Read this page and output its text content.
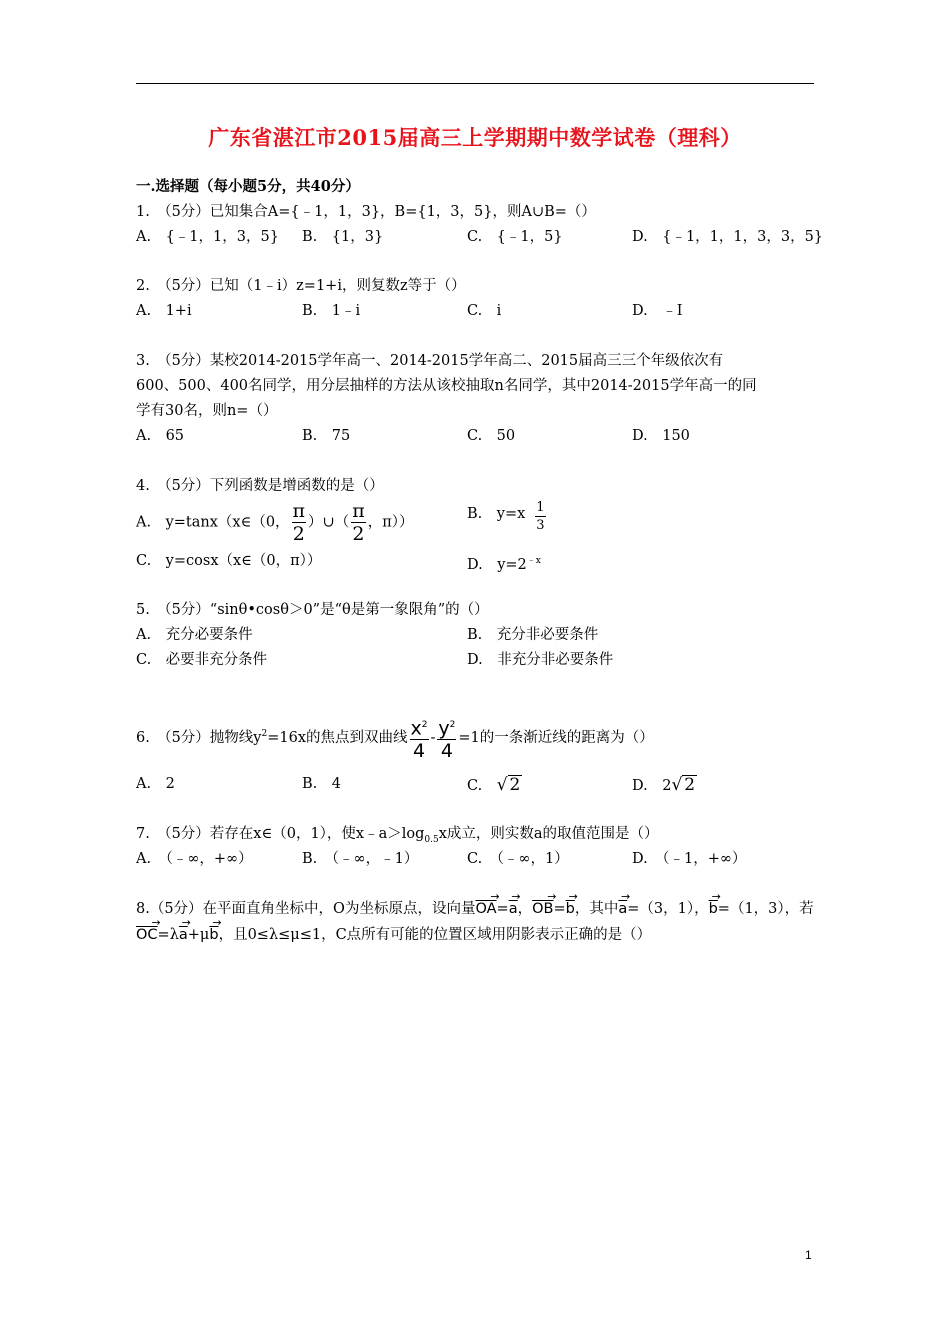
广东省湛江市2015届高三上学期期中数学试卷（理科）
一.选择题（每小题5分，共40分）
1.　（5分）已知集合A={﹣1，1，3}，B={1，3，5}，则A∪B=（）
A.　{﹣1，1，3，5} B.　{1，3}	C.　{﹣1，5}	D.　{﹣1，1，1，3，3，5}
2.　（5分）已知（1﹣i）z=1+i，则复数z等于（）
A.　1+i	B.　1﹣i	C.　i	D.　﹣I
3.　（5分）某校2014-2015学年高一、2014-2015学年高二、2015届高三三个年级依次有
600、500、400名同学，用分层抽样的方法从该校抽取n名同学，其中2014-2015学年高一的同
学有30名，则n=（）
A.　65	B.　75	C.　50	D.　150
4.　（5分）下列函数是增函数的是（）
A.　y=tanx（x∈（0， $\frac{\pi}{2}$ ）∪（ $\frac{\pi}{2}$ ，π））
B.　$y=x \frac{1}{3}$
C.　y=cosx（x∈（0，π））	D.　$y=2^{﹣x}$
5.　（5分）“sinθ•cosθ＞0”是“θ是第一象限角”的（）
A.　充分必要条件	B.　充分非必要条件
C.　必要非充分条件	D.　非充分非必要条件
6.　（5分）抛物线$y^2=16x$的焦点到双曲线 $\frac{x^2}{4} - \frac{y^2}{4} =1$的一条渐近线的距离为（）
A.　2	B.　4	C.　√ 2	D.　2√ 2
7.　（5分）若存在x∈（0，1），使$x﹣a>\log_{0.5}x$成立，则实数a的取值范围是（）
A.　（﹣∞，+∞）	B.　（﹣∞，﹣1）	C.　（﹣∞，1）	D.　（﹣1，+∞）
8.（5分）在平面直角坐标中，O为坐标原点，设向量→ $\overline{OA}=\to \overline{a}$，→ $\overline{OB}=\to \overline{b}$，其中→ $\overline{a}=(3$，1），→ $\overline{b}=(1$，3），若
→ $\overline{OC}=\lambda\to \overline{a}+\mu\to \overline{b}$，且0≤λ≤μ≤1，C点所有可能的位置区域用阴影表示正确的是（）
1
